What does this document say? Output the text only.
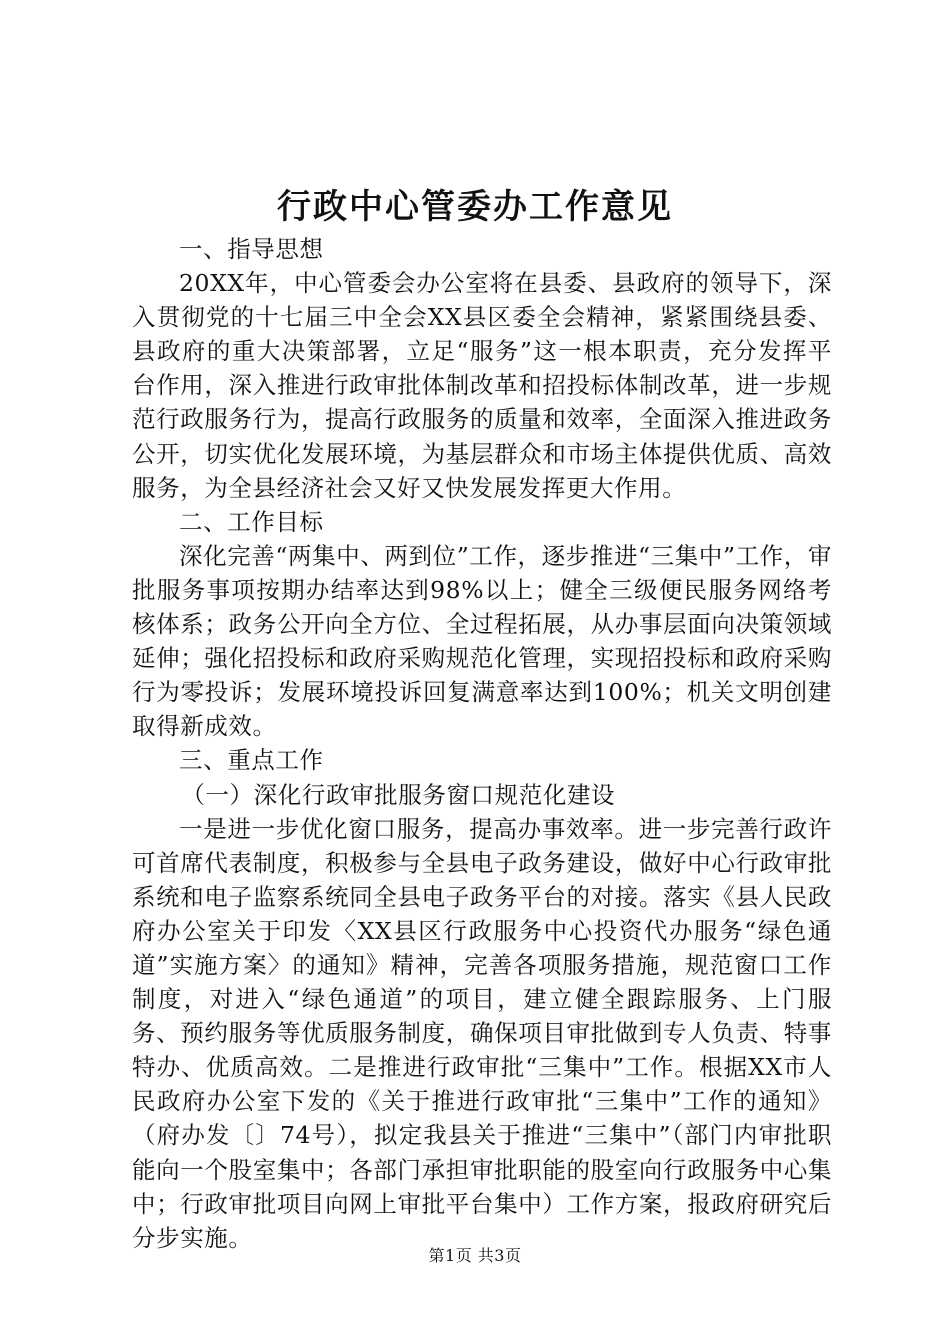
行政中心管委办工作意见

一、指导思想

20XX年，中心管委会办公室将在县委、县政府的领导下，深入贯彻党的十七届三中全会XX县区委全会精神，紧紧围绕县委、县政府的重大决策部署，立足“服务”这一根本职责，充分发挥平台作用，深入推进行政审批体制改革和招投标体制改革，进一步规范行政服务行为，提高行政服务的质量和效率，全面深入推进政务公开，切实优化发展环境，为基层群众和市场主体提供优质、高效服务，为全县经济社会又好又快发展发挥更大作用。

二、工作目标

深化完善“两集中、两到位”工作，逐步推进“三集中”工作，审批服务事项按期办结率达到98%以上；健全三级便民服务网络考核体系；政务公开向全方位、全过程拓展，从办事层面向决策领域延伸；强化招投标和政府采购规范化管理，实现招投标和政府采购行为零投诉；发展环境投诉回复满意率达到100%；机关文明创建取得新成效。

三、重点工作

（一）深化行政审批服务窗口规范化建设

一是进一步优化窗口服务，提高办事效率。进一步完善行政许可首席代表制度，积极参与全县电子政务建设，做好中心行政审批系统和电子监察系统同全县电子政务平台的对接。落实《县人民政府办公室关于印发〈XX县区行政服务中心投资代办服务“绿色通道”实施方案〉的通知》精神，完善各项服务措施，规范窗口工作制度，对进入“绿色通道”的项目，建立健全跟踪服务、上门服务、预约服务等优质服务制度，确保项目审批做到专人负责、特事特办、优质高效。二是推进行政审批“三集中”工作。根据XX市人民政府办公室下发的《关于推进行政审批“三集中”工作的通知》（府办发〔〕74号），拟定我县关于推进“三集中”（部门内审批职能向一个股室集中；各部门承担审批职能的股室向行政服务中心集中；行政审批项目向网上审批平台集中）工作方案，报政府研究后分步实施。

第1页 共3页
